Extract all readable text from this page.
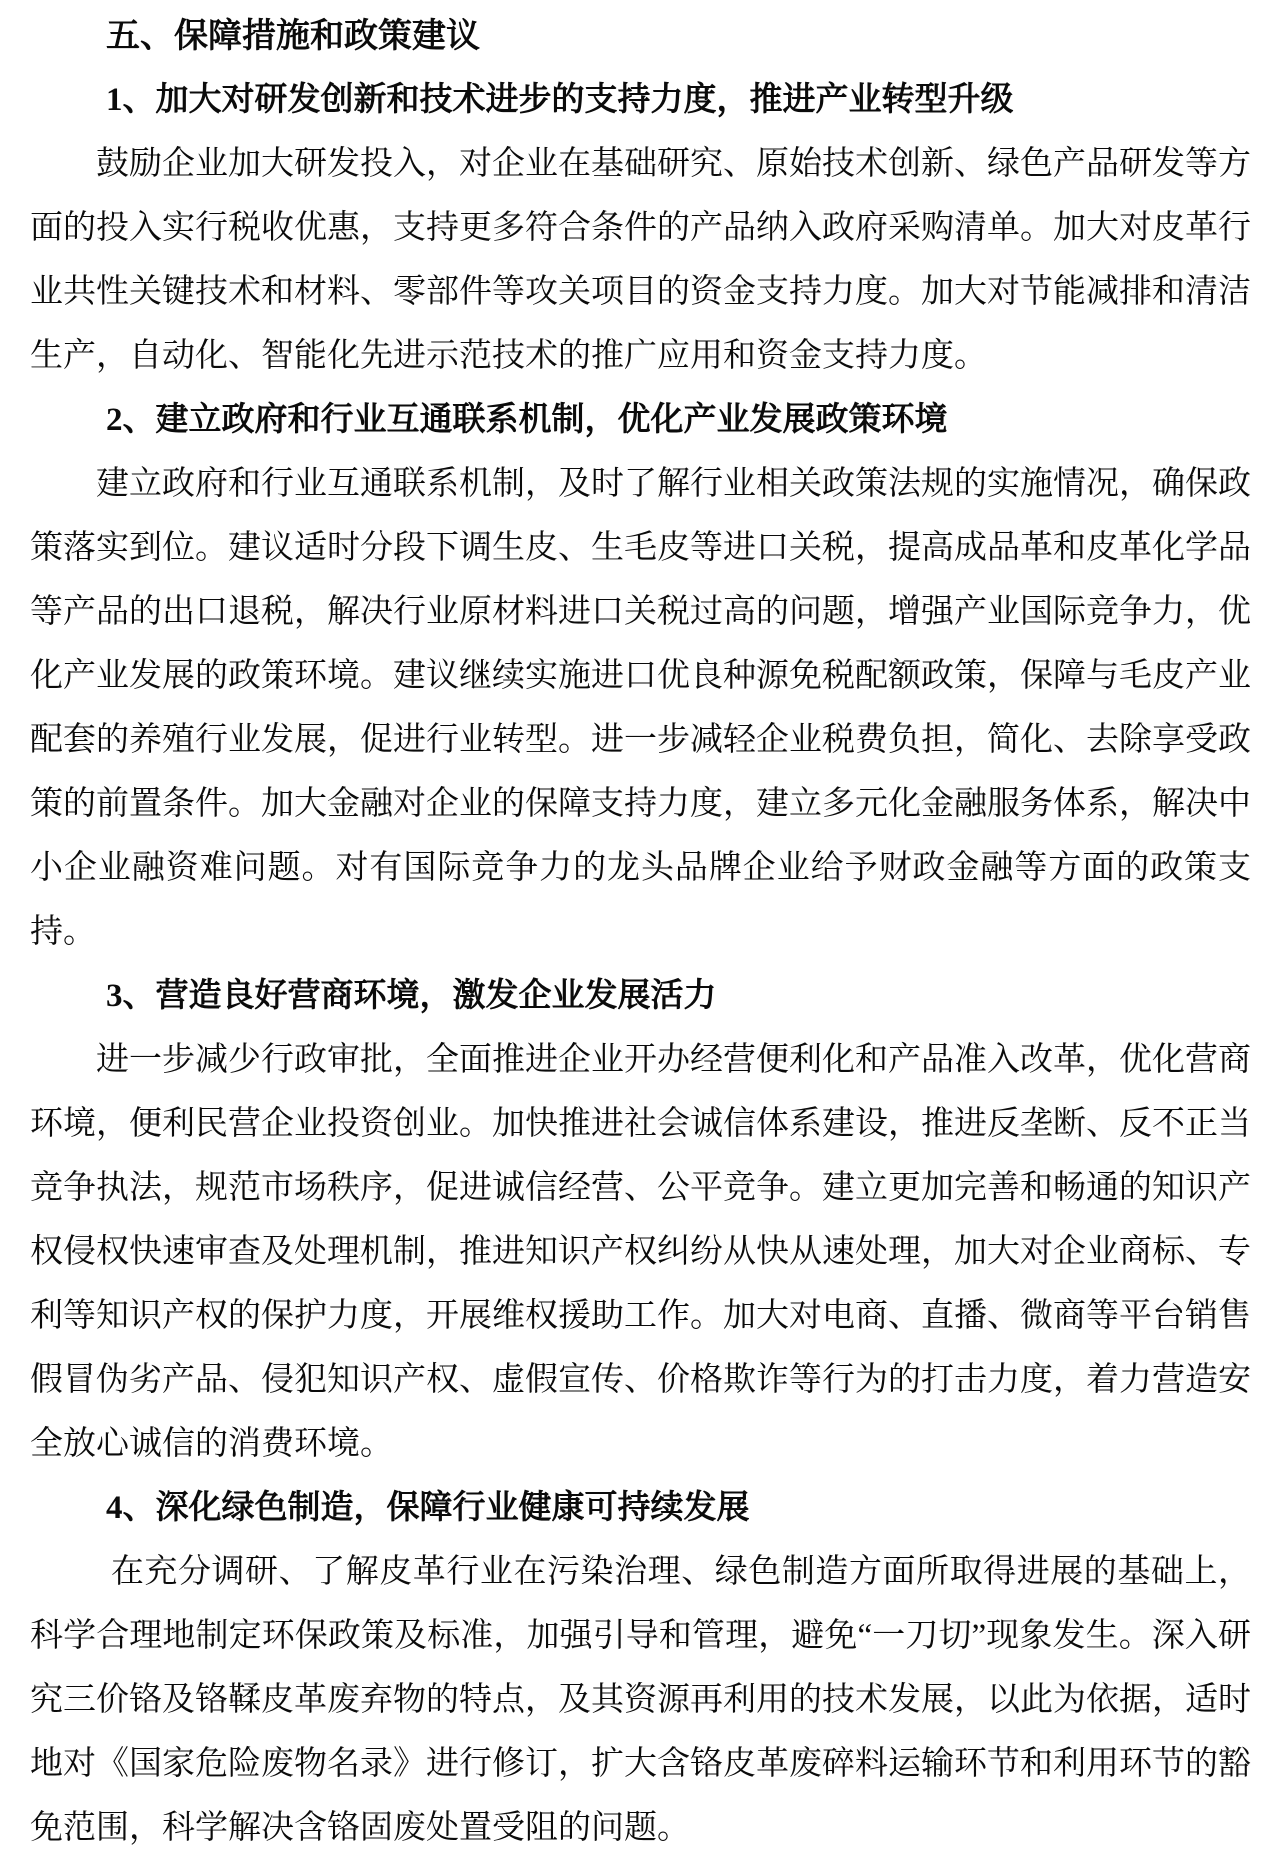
五、保障措施和政策建议
1、加大对研发创新和技术进步的支持力度，推进产业转型升级

鼓励企业加大研发投入，对企业在基础研究、原始技术创新、绿色产品研发等方面的投入实行税收优惠，支持更多符合条件的产品纳入政府采购清单。加大对皮革行业共性关键技术和材料、零部件等攻关项目的资金支持力度。加大对节能减排和清洁生产，自动化、智能化先进示范技术的推广应用和资金支持力度。

2、建立政府和行业互通联系机制，优化产业发展政策环境

建立政府和行业互通联系机制，及时了解行业相关政策法规的实施情况，确保政策落实到位。建议适时分段下调生皮、生毛皮等进口关税，提高成品革和皮革化学品等产品的出口退税，解决行业原材料进口关税过高的问题，增强产业国际竞争力，优化产业发展的政策环境。建议继续实施进口优良种源免税配额政策，保障与毛皮产业配套的养殖行业发展，促进行业转型。进一步减轻企业税费负担，简化、去除享受政策的前置条件。加大金融对企业的保障支持力度，建立多元化金融服务体系，解决中小企业融资难问题。对有国际竞争力的龙头品牌企业给予财政金融等方面的政策支持。

3、营造良好营商环境，激发企业发展活力

进一步减少行政审批，全面推进企业开办经营便利化和产品准入改革，优化营商环境，便利民营企业投资创业。加快推进社会诚信体系建设，推进反垄断、反不正当竞争执法，规范市场秩序，促进诚信经营、公平竞争。建立更加完善和畅通的知识产权侵权快速审查及处理机制，推进知识产权纠纷从快从速处理，加大对企业商标、专利等知识产权的保护力度，开展维权援助工作。加大对电商、直播、微商等平台销售假冒伪劣产品、侵犯知识产权、虚假宣传、价格欺诈等行为的打击力度，着力营造安全放心诚信的消费环境。

4、深化绿色制造，保障行业健康可持续发展

在充分调研、了解皮革行业在污染治理、绿色制造方面所取得进展的基础上，科学合理地制定环保政策及标准，加强引导和管理，避免“一刀切”现象发生。深入研究三价铬及铬鞣皮革废弃物的特点，及其资源再利用的技术发展，以此为依据，适时地对《国家危险废物名录》进行修订，扩大含铬皮革废碎料运输环节和利用环节的豁免范围，科学解决含铬固废处置受阻的问题。
